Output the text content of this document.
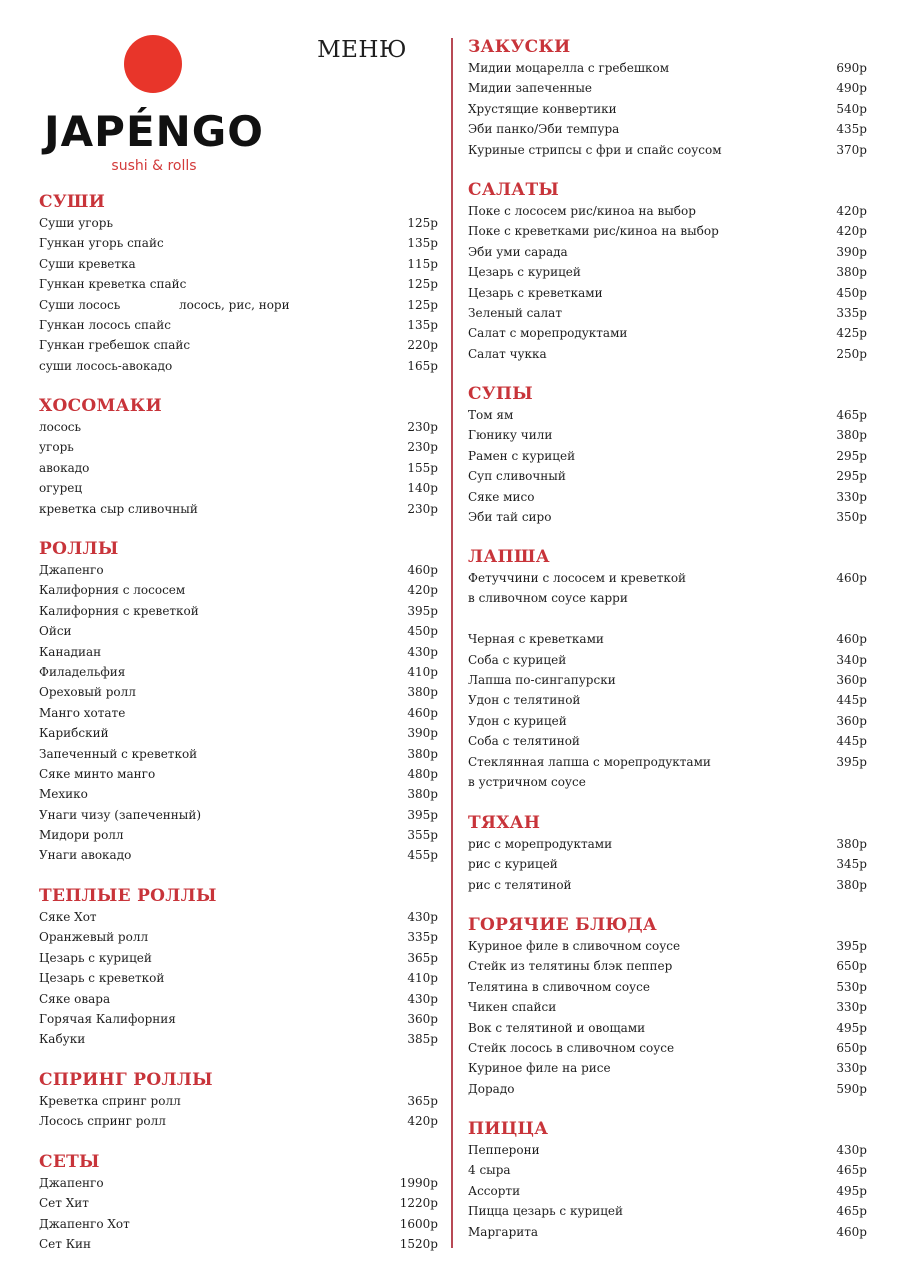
JAPÉNGO
sushi & rolls
МЕНЮ
СУШИ
Суши угорь	125р
Гункан угорь спайс	135р
Суши креветка	115р
Гункан креветка спайс	125р
Суши лосось	лосось, рис, нори	125р
Гункан лосось спайс	135р
Гункан гребешок спайс	220р
суши лосось-авокадо	165р
ХОСОМАКИ
лосось	230р
угорь	230р
авокадо	155р
огурец	140р
креветка сыр сливочный	230р
РОЛЛЫ
Джапенго	460р
Калифорния с лососем	420р
Калифорния с креветкой	395р
Ойси	450р
Канадиан	430р
Филадельфия	410р
Ореховый ролл	380р
Манго хотате	460р
Карибский	390р
Запеченный с креветкой	380р
Сяке минто манго	480р
Мехико	380р
Унаги чизу (запеченный)	395р
Мидори ролл	355р
Унаги авокадо	455р
ТЕПЛЫЕ РОЛЛЫ
Сяке Хот	430р
Оранжевый ролл	335р
Цезарь с курицей	365р
Цезарь с креветкой	410р
Сяке овара	430р
Горячая Калифорния	360р
Кабуки	385р
СПРИНГ РОЛЛЫ
Креветка спринг ролл	365р
Лосось спринг ролл	420р
СЕТЫ
Джапенго	1990р
Сет Хит	1220р
Джапенго Хот	1600р
Сет Кин	1520р
ЗАКУСКИ
Мидии моцарелла с гребешком	690р
Мидии запеченные	490р
Хрустящие конвертики	540р
Эби панко/Эби темпура	435р
Куриные стрипсы с фри и спайс соусом	370р
САЛАТЫ
Поке с лососем рис/киноа на выбор	420р
Поке с креветками рис/киноа на выбор	420р
Эби уми сарада	390р
Цезарь с курицей	380р
Цезарь с креветками	450р
Зеленый салат	335р
Салат с морепродуктами	425р
Салат чукка	250р
СУПЫ
Том ям	465р
Гюнику чили	380р
Рамен с курицей	295р
Суп сливочный	295р
Сяке мисо	330р
Эби тай сиро	350р
ЛАПША
Фетуччини с лососем и креветкой	460р
в сливочном соусе карри
Черная с креветками	460р
Соба с курицей	340р
Лапша по-сингапурски	360р
Удон с телятиной	445р
Удон с курицей	360р
Соба с телятиной	445р
Стеклянная лапша с морепродуктами	395р
в устричном соусе
ТЯХАН
рис с морепродуктами	380р
рис с курицей	345р
рис с телятиной	380р
ГОРЯЧИЕ БЛЮДА
Куриное филе в сливочном соусе	395р
Стейк из телятины блэк пеппер	650р
Телятина в сливочном соусе	530р
Чикен спайси	330р
Вок с телятиной и овощами	495р
Стейк лосось в сливочном соусе	650р
Куриное филе на рисе	330р
Дорадо	590р
ПИЦЦА
Пепперони	430р
4 сыра	465р
Ассорти	495р
Пицца цезарь с курицей	465р
Маргарита	460р
